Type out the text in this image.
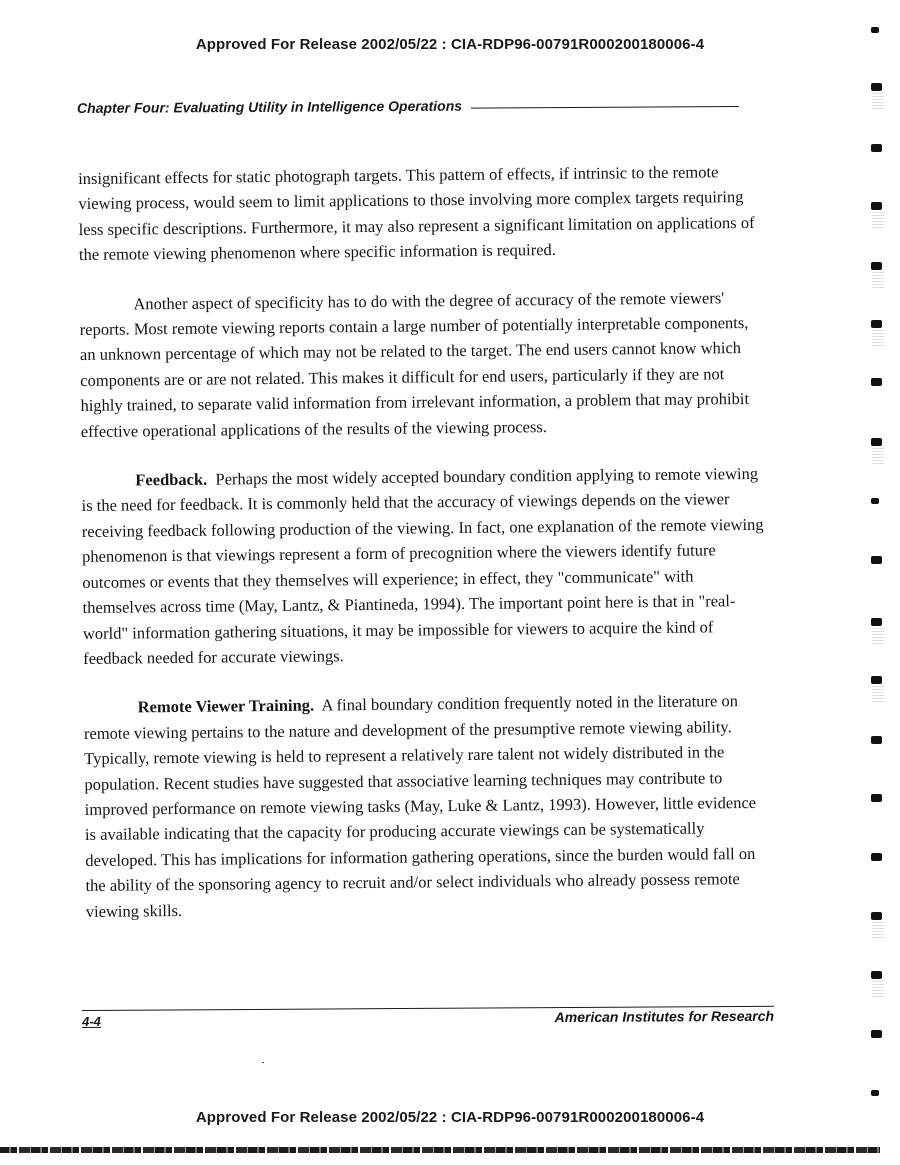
Approved For Release 2002/05/22 : CIA-RDP96-00791R000200180006-4
Chapter Four: Evaluating Utility in Intelligence Operations

insignificant effects for static photograph targets. This pattern of effects, if intrinsic to the remote viewing process, would seem to limit applications to those involving more complex targets requiring less specific descriptions. Furthermore, it may also represent a significant limitation on applications of the remote viewing phenomenon where specific information is required.

Another aspect of specificity has to do with the degree of accuracy of the remote viewers' reports. Most remote viewing reports contain a large number of potentially interpretable components, an unknown percentage of which may not be related to the target. The end users cannot know which components are or are not related. This makes it difficult for end users, particularly if they are not highly trained, to separate valid information from irrelevant information, a problem that may prohibit effective operational applications of the results of the viewing process.

Feedback. Perhaps the most widely accepted boundary condition applying to remote viewing is the need for feedback. It is commonly held that the accuracy of viewings depends on the viewer receiving feedback following production of the viewing. In fact, one explanation of the remote viewing phenomenon is that viewings represent a form of precognition where the viewers identify future outcomes or events that they themselves will experience; in effect, they "communicate" with themselves across time (May, Lantz, & Piantineda, 1994). The important point here is that in "real-world" information gathering situations, it may be impossible for viewers to acquire the kind of feedback needed for accurate viewings.

Remote Viewer Training. A final boundary condition frequently noted in the literature on remote viewing pertains to the nature and development of the presumptive remote viewing ability. Typically, remote viewing is held to represent a relatively rare talent not widely distributed in the population. Recent studies have suggested that associative learning techniques may contribute to improved performance on remote viewing tasks (May, Luke & Lantz, 1993). However, little evidence is available indicating that the capacity for producing accurate viewings can be systematically developed. This has implications for information gathering operations, since the burden would fall on the ability of the sponsoring agency to recruit and/or select individuals who already possess remote viewing skills.

4-4	American Institutes for Research
Approved For Release 2002/05/22 : CIA-RDP96-00791R000200180006-4
